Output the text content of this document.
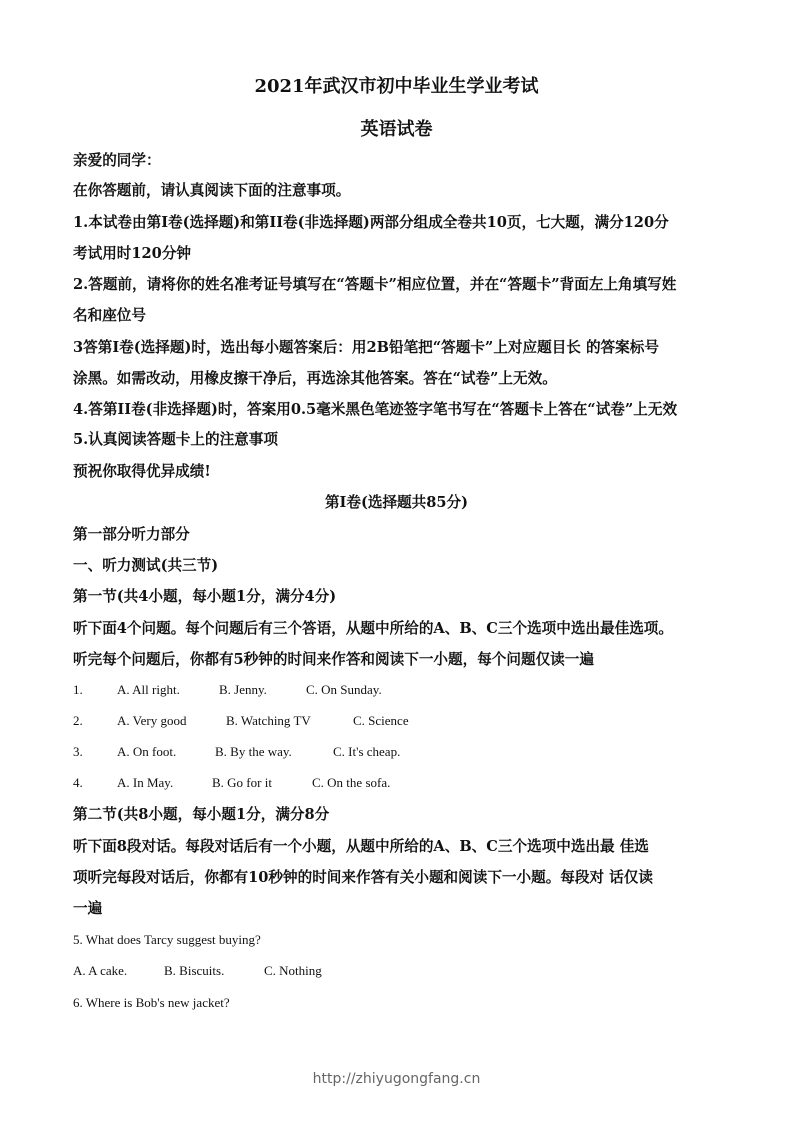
2021年武汉市初中毕业生学业考试
英语试卷
亲爱的同学：
在你答题前，请认真阅读下面的注意事项。
1.本试卷由第Ⅰ卷(选择题)和第II卷(非选择题)两部分组成全卷共10页，七大题，满分120分
考试用时120分钟
2.答题前，请将你的姓名准考证号填写在“答题卡”相应位置，并在“答题卡”背面左上角填写姓
名和座位号
3答第Ⅰ卷(选择题)时，选出每小题答案后：用2B铅笔把“答题卡”上对应题目长 的答案标号
涂黑。如需改动，用橡皮擦干净后，再选涂其他答案。答在“试卷”上无效。
4.答第II卷(非选择题)时，答案用0.5毫米黑色笔迹签字笔书写在“答题卡上答在“试卷”上无效
5.认真阅读答题卡上的注意事项
预祝你取得优异成绩!
第Ⅰ卷(选择题共85分)
第一部分听力部分
一、听力测试(共三节)
第一节(共4小题，每小题1分，满分4分)
听下面4个问题。每个问题后有三个答语，从题中所给的A、B、C三个选项中选出最佳选项。
听完每个问题后，你都有5秒钟的时间来作答和阅读下一小题，每个问题仅读一遍
1.	A. All right.	B. Jenny.	C. On Sunday.
2.	A. Very good	B. Watching TV	C. Science
3.	A. On foot.	B. By the way.	C. It's cheap.
4.	A. In May.	B. Go for it	C. On the sofa.
第二节(共8小题，每小题1分，满分8分
听下面8段对话。每段对话后有一个小题，从题中所给的A、B、C三个选项中选出最 佳选
项听完每段对话后，你都有10秒钟的时间来作答有关小题和阅读下一小题。每段对 话仅读
一遍
5. What does Tarcy suggest buying?
A. A cake.	B. Biscuits.	C. Nothing
6. Where is Bob's new jacket?
http://zhiyugongfang.cn
